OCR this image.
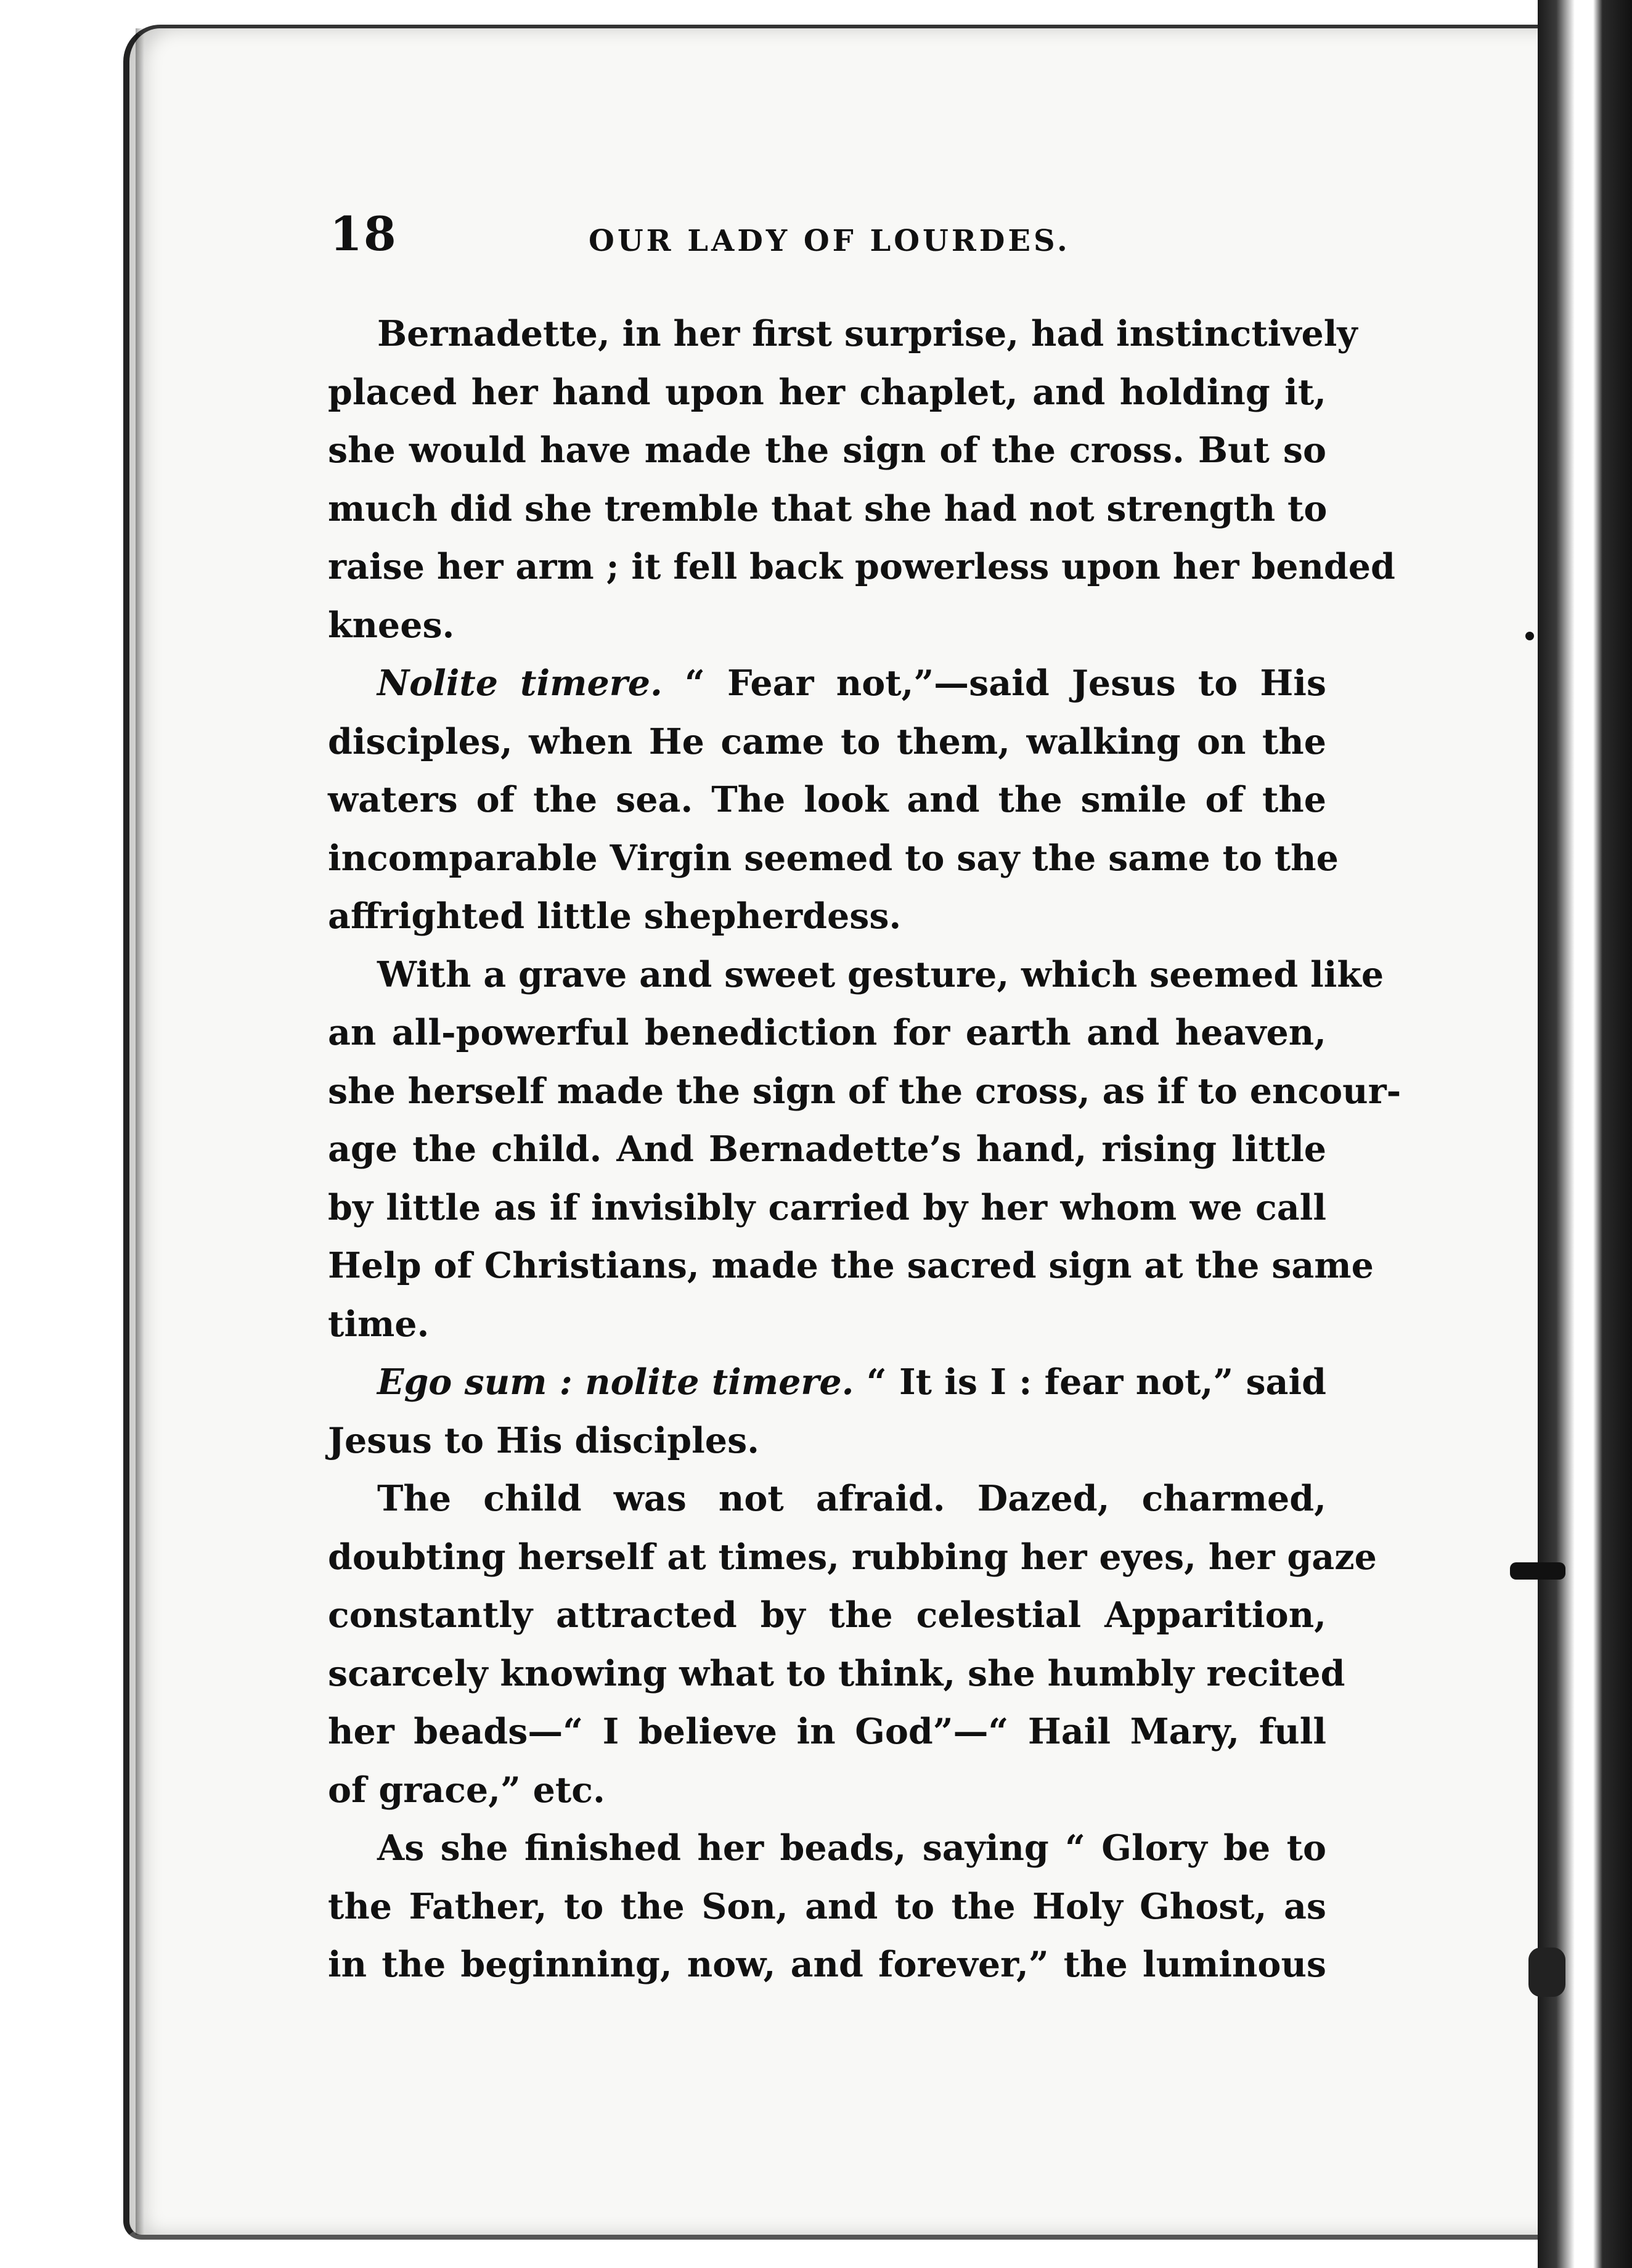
18	OUR LADY OF LOURDES.
Bernadette, in her first surprise, had instinctively
placed her hand upon her chaplet, and holding it,
she would have made the sign of the cross. But so
much did she tremble that she had not strength to
raise her arm ; it fell back powerless upon her bended
knees.
Nolite timere. “ Fear not,”—said Jesus to His
disciples, when He came to them, walking on the
waters of the sea. The look and the smile of the
incomparable Virgin seemed to say the same to the
affrighted little shepherdess.
With a grave and sweet gesture, which seemed like
an all-powerful benediction for earth and heaven,
she herself made the sign of the cross, as if to encour-
age the child. And Bernadette’s hand, rising little
by little as if invisibly carried by her whom we call
Help of Christians, made the sacred sign at the same
time.
Ego sum : nolite timere. “ It is I : fear not,” said
Jesus to His disciples.
The child was not afraid. Dazed, charmed,
doubting herself at times, rubbing her eyes, her gaze
constantly attracted by the celestial Apparition,
scarcely knowing what to think, she humbly recited
her beads—“ I believe in God”—“ Hail Mary, full
of grace,” etc.
As she finished her beads, saying “ Glory be to
the Father, to the Son, and to the Holy Ghost, as
in the beginning, now, and forever,” the luminous
